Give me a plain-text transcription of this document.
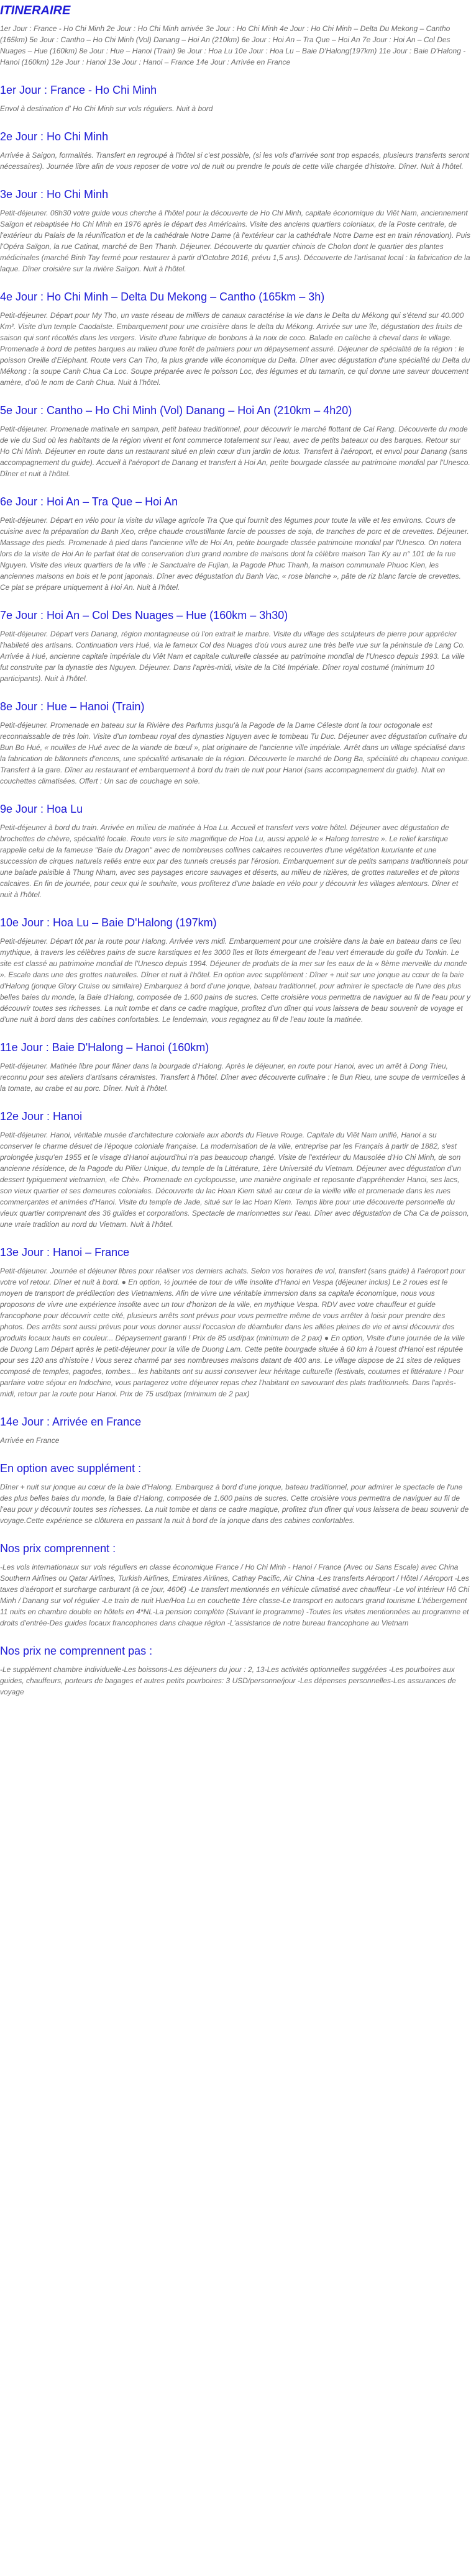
ITINERAIRE

1er Jour : France - Ho Chi Minh 2e Jour : Ho Chi Minh arrivée 3e Jour : Ho Chi Minh 4e Jour : Ho Chi Minh – Delta Du Mekong – Cantho (165km) 5e Jour : Cantho – Ho Chi Minh (Vol) Danang – Hoi An (210km) 6e Jour : Hoi An – Tra Que – Hoi An 7e Jour : Hoi An – Col Des Nuages – Hue (160km) 8e Jour : Hue – Hanoi (Train) 9e Jour : Hoa Lu 10e Jour : Hoa Lu – Baie D'Halong(197km) 11e Jour : Baie D'Halong - Hanoi (160km) 12e Jour : Hanoi 13e Jour : Hanoi – France 14e Jour : Arrivée en France

1er Jour : France - Ho Chi Minh

Envol à destination d' Ho Chi Minh sur vols réguliers. Nuit à bord

2e Jour : Ho Chi Minh

Arrivée à Saigon, formalités. Transfert en regroupé à l'hôtel si c'est possible, (si les vols d'arrivée sont trop espacés, plusieurs transferts seront nécessaires). Journée libre afin de vous reposer de votre vol de nuit ou prendre le pouls de cette ville chargée d'histoire. Dîner. Nuit à l'hôtel.

3e Jour : Ho Chi Minh

Petit-déjeuner. 08h30 votre guide vous cherche à l'hôtel pour la découverte de Ho Chi Minh, capitale économique du Viêt Nam, anciennement Saïgon et rebaptisée Ho Chi Minh en 1976 après le départ des Américains. Visite des anciens quartiers coloniaux, de la Poste centrale, de l'extérieur du Palais de la réunification et de la cathédrale Notre Dame (à l'extérieur car la cathédrale Notre Dame est en train rénovation). Puis l'Opéra Saïgon, la rue Catinat, marché de Ben Thanh. Déjeuner. Découverte du quartier chinois de Cholon dont le quartier des plantes médicinales (marché Binh Tay fermé pour restaurer à partir d'Octobre 2016, prévu 1,5 ans). Découverte de l'artisanat local : la fabrication de la laque. Dîner croisière sur la rivière Saïgon. Nuit à l'hôtel.

4e Jour : Ho Chi Minh – Delta Du Mekong – Cantho (165km – 3h)

Petit-déjeuner. Départ pour My Tho, un vaste réseau de milliers de canaux caractérise la vie dans le Delta du Mékong qui s'étend sur 40.000 Km². Visite d'un temple Caodaïste. Embarquement pour une croisière dans le delta du Mékong. Arrivée sur une île, dégustation des fruits de saison qui sont récoltés dans les vergers. Visite d'une fabrique de bonbons à la noix de coco. Balade en calèche à cheval dans le village. Promenade à bord de petites barques au milieu d'une forêt de palmiers pour un dépaysement assuré. Déjeuner de spécialité de la région : le poisson Oreille d'Eléphant. Route vers Can Tho, la plus grande ville économique du Delta. Dîner avec dégustation d'une spécialité du Delta du Mékong : la soupe Canh Chua Ca Loc. Soupe préparée avec le poisson Loc, des légumes et du tamarin, ce qui donne une saveur doucement amère, d'où le nom de Canh Chua. Nuit à l'hôtel.

5e Jour : Cantho – Ho Chi Minh (Vol) Danang – Hoi An (210km – 4h20)

Petit-déjeuner. Promenade matinale en sampan, petit bateau traditionnel, pour découvrir le marché flottant de Cai Rang. Découverte du mode de vie du Sud où les habitants de la région vivent et font commerce totalement sur l'eau, avec de petits bateaux ou des barques. Retour sur Ho Chi Minh. Déjeuner en route dans un restaurant situé en plein cœur d'un jardin de lotus. Transfert à l'aéroport, et envol pour Danang (sans accompagnement du guide). Accueil à l'aéroport de Danang et transfert à Hoi An, petite bourgade classée au patrimoine mondial par l'Unesco. Dîner et nuit à l'hôtel.

6e Jour : Hoi An – Tra Que – Hoi An

Petit-déjeuner. Départ en vélo pour la visite du village agricole Tra Que qui fournit des légumes pour toute la ville et les environs. Cours de cuisine avec la préparation du Banh Xeo, crêpe chaude croustillante farcie de pousses de soja, de tranches de porc et de crevettes. Déjeuner. Massage des pieds. Promenade à pied dans l'ancienne ville de Hoi An, petite bourgade classée patrimoine mondial par l'Unesco. On notera lors de la visite de Hoi An le parfait état de conservation d'un grand nombre de maisons dont la célèbre maison Tan Ky au n° 101 de la rue Nguyen. Visite des vieux quartiers de la ville : le Sanctuaire de Fujian, la Pagode Phuc Thanh, la maison communale Phuoc Kien, les anciennes maisons en bois et le pont japonais. Dîner avec dégustation du Banh Vac, « rose blanche », pâte de riz blanc farcie de crevettes. Ce plat se prépare uniquement à Hoi An. Nuit à l'hôtel.

7e Jour : Hoi An – Col Des Nuages – Hue (160km – 3h30)

Petit-déjeuner. Départ vers Danang, région montagneuse où l'on extrait le marbre. Visite du village des sculpteurs de pierre pour apprécier l'habileté des artisans. Continuation vers Hué, via le fameux Col des Nuages d'où vous aurez une très belle vue sur la péninsule de Lang Co. Arrivée à Hué, ancienne capitale impériale du Viêt Nam et capitale culturelle classée au patrimoine mondial de l'Unesco depuis 1993. La ville fut construite par la dynastie des Nguyen. Déjeuner. Dans l'après-midi, visite de la Cité Impériale. Dîner royal costumé (minimum 10 participants). Nuit à l'hôtel.

8e Jour : Hue – Hanoi (Train)

Petit-déjeuner. Promenade en bateau sur la Rivière des Parfums jusqu'à la Pagode de la Dame Céleste dont la tour octogonale est reconnaissable de très loin. Visite d'un tombeau royal des dynasties Nguyen avec le tombeau Tu Duc. Déjeuner avec dégustation culinaire du Bun Bo Hué, « nouilles de Hué avec de la viande de bœuf », plat originaire de l'ancienne ville impériale. Arrêt dans un village spécialisé dans la fabrication de bâtonnets d'encens, une spécialité artisanale de la région. Découverte le marché de Dong Ba, spécialité du chapeau conique. Transfert à la gare. Dîner au restaurant et embarquement à bord du train de nuit pour Hanoi (sans accompagnement du guide). Nuit en couchettes climatisées. Offert : Un sac de couchage en soie.

9e Jour : Hoa Lu

Petit-déjeuner à bord du train. Arrivée en milieu de matinée à Hoa Lu. Accueil et transfert vers votre hôtel. Déjeuner avec dégustation de brochettes de chèvre, spécialité locale. Route vers le site magnifique de Hoa Lu, aussi appelé le « Halong terrestre ». Le relief karstique rappelle celui de la fameuse "Baie du Dragon" avec de nombreuses collines calcaires recouvertes d'une végétation luxuriante et une succession de cirques naturels reliés entre eux par des tunnels creusés par l'érosion. Embarquement sur de petits sampans traditionnels pour une balade paisible à Thung Nham, avec ses paysages encore sauvages et déserts, au milieu de rizières, de grottes naturelles et de pitons calcaires. En fin de journée, pour ceux qui le souhaite, vous profiterez d'une balade en vélo pour y découvrir les villages alentours. Dîner et nuit à l'hôtel.

10e Jour : Hoa Lu – Baie D'Halong (197km)

Petit-déjeuner. Départ tôt par la route pour Halong. Arrivée vers midi. Embarquement pour une croisière dans la baie en bateau dans ce lieu mythique, à travers les célèbres pains de sucre karstiques et les 3000 îles et îlots émergeant de l'eau vert émeraude du golfe du Tonkin. Le site est classé au patrimoine mondial de l'Unesco depuis 1994. Déjeuner de produits de la mer sur les eaux de la « 8ème merveille du monde ». Escale dans une des grottes naturelles. Dîner et nuit à l'hôtel. En option avec supplément : Dîner + nuit sur une jonque au cœur de la baie d'Halong (jonque Glory Cruise ou similaire) Embarquez à bord d'une jonque, bateau traditionnel, pour admirer le spectacle de l'une des plus belles baies du monde, la Baie d'Halong, composée de 1.600 pains de sucres. Cette croisière vous permettra de naviguer au fil de l'eau pour y découvrir toutes ses richesses. La nuit tombe et dans ce cadre magique, profitez d'un dîner qui vous laissera de beau souvenir de voyage et d'une nuit à bord dans des cabines confortables. Le lendemain, vous regagnez au fil de l'eau toute la matinée.

11e Jour : Baie D'Halong – Hanoi (160km)

Petit-déjeuner. Matinée libre pour flâner dans la bourgade d'Halong. Après le déjeuner, en route pour Hanoi, avec un arrêt à Dong Trieu, reconnu pour ses ateliers d'artisans céramistes. Transfert à l'hôtel. Dîner avec découverte culinaire : le Bun Rieu, une soupe de vermicelles à la tomate, au crabe et au porc. Dîner. Nuit à l'hôtel.

12e Jour : Hanoi

Petit-déjeuner. Hanoi, véritable musée d'architecture coloniale aux abords du Fleuve Rouge. Capitale du Viêt Nam unifié, Hanoi a su conserver le charme désuet de l'époque coloniale française. La modernisation de la ville, entreprise par les Français à partir de 1882, s'est prolongée jusqu'en 1955 et le visage d'Hanoi aujourd'hui n'a pas beaucoup changé. Visite de l'extérieur du Mausolée d'Ho Chi Minh, de son ancienne résidence, de la Pagode du Pilier Unique, du temple de la Littérature, 1ère Université du Vietnam. Déjeuner avec dégustation d'un dessert typiquement vietnamien, «le Chè». Promenade en cyclopousse, une manière originale et reposante d'appréhender Hanoi, ses lacs, son vieux quartier et ses demeures coloniales. Découverte du lac Hoan Kiem situé au cœur de la vieille ville et promenade dans les rues commerçantes et animées d'Hanoi. Visite du temple de Jade, situé sur le lac Hoan Kiem. Temps libre pour une découverte personnelle du vieux quartier comprenant des 36 guildes et corporations. Spectacle de marionnettes sur l'eau. Dîner avec dégustation de Cha Ca de poisson, une vraie tradition au nord du Vietnam. Nuit à l'hôtel.

13e Jour : Hanoi – France

Petit-déjeuner. Journée et déjeuner libres pour réaliser vos derniers achats. Selon vos horaires de vol, transfert (sans guide) à l'aéroport pour votre vol retour. Dîner et nuit à bord. ● En option, ½ journée de tour de ville insolite d'Hanoi en Vespa (déjeuner inclus) Le 2 roues est le moyen de transport de prédilection des Vietnamiens. Afin de vivre une véritable immersion dans sa capitale économique, nous vous proposons de vivre une expérience insolite avec un tour d'horizon de la ville, en mythique Vespa. RDV avec votre chauffeur et guide francophone pour découvrir cette cité, plusieurs arrêts sont prévus pour vous permettre même de vous arrêter à loisir pour prendre des photos. Des arrêts sont aussi prévus pour vous donner aussi l'occasion de déambuler dans les allées pleines de vie et ainsi découvrir des produits locaux hauts en couleur... Dépaysement garanti ! Prix de 85 usd/pax (minimum de 2 pax) ● En option, Visite d'une journée de la ville de Duong Lam Départ après le petit-déjeuner pour la ville de Duong Lam. Cette petite bourgade située à 60 km à l'ouest d'Hanoi est réputée pour ses 120 ans d'histoire ! Vous serez charmé par ses nombreuses maisons datant de 400 ans. Le village dispose de 21 sites de reliques composé de temples, pagodes, tombes... les habitants ont su aussi conserver leur héritage culturelle (festivals, coutumes et littérature ! Pour parfaire votre séjour en Indochine, vous partagerez votre déjeuner repas chez l'habitant en savourant des plats traditionnels. Dans l'après-midi, retour par la route pour Hanoi. Prix de 75 usd/pax (minimum de 2 pax)

14e Jour : Arrivée en France

Arrivée en France

En option avec supplément :

Dîner + nuit sur jonque au cœur de la baie d'Halong. Embarquez à bord d'une jonque, bateau traditionnel, pour admirer le spectacle de l'une des plus belles baies du monde, la Baie d'Halong, composée de 1.600 pains de sucres. Cette croisière vous permettra de naviguer au fil de l'eau pour y découvrir toutes ses richesses. La nuit tombe et dans ce cadre magique, profitez d'un dîner qui vous laissera de beau souvenir de voyage.Cette expérience se clôturera en passant la nuit à bord de la jonque dans des cabines confortables.

Nos prix comprennent :

-Les vols internationaux sur vols réguliers en classe économique France / Ho Chi Minh - Hanoi / France (Avec ou Sans Escale) avec China Southern Airlines ou Qatar Airlines, Turkish Airlines, Emirates Airlines, Cathay Pacific, Air China -Les transferts Aéroport / Hôtel / Aéroport -Les taxes d'aéroport et surcharge carburant (à ce jour, 460€) -Le transfert mentionnés en véhicule climatisé avec chauffeur -Le vol intérieur Hô Chi Minh / Danang sur vol régulier -Le train de nuit Hue/Hoa Lu en couchette 1ère classe-Le transport en autocars grand tourisme L'hébergement 11 nuits en chambre double en hôtels en 4*NL-La pension complète (Suivant le programme) -Toutes les visites mentionnées au programme et droits d'entrée-Des guides locaux francophones dans chaque région -L'assistance de notre bureau francophone au Vietnam

Nos prix ne comprennent pas :

-Le supplément chambre individuelle-Les boissons-Les déjeuners du jour : 2, 13-Les activités optionnelles suggérées -Les pourboires aux guides, chauffeurs, porteurs de bagages et autres petits pourboires: 3 USD/personne/jour -Les dépenses personnelles-Les assurances de voyage
